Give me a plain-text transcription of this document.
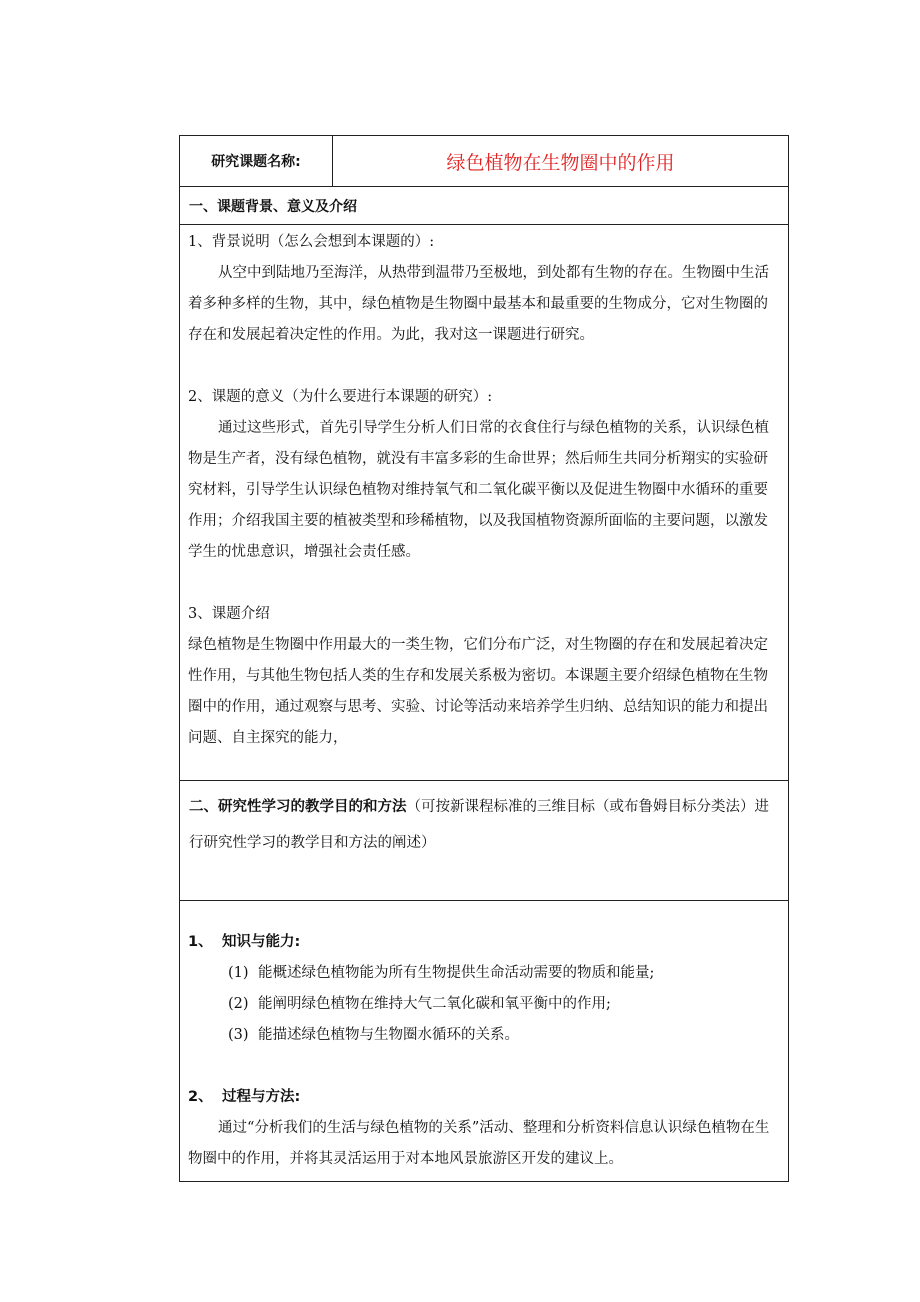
研究课题名称:	绿色植物在生物圈中的作用
一、课题背景、意义及介绍

1、背景说明（怎么会想到本课题的）:

从空中到陆地乃至海洋，从热带到温带乃至极地，到处都有生物的存在。生物圈中生活着多种多样的生物，其中，绿色植物是生物圈中最基本和最重要的生物成分，它对生物圈的存在和发展起着决定性的作用。为此，我对这一课题进行研究。

2、课题的意义（为什么要进行本课题的研究）:

通过这些形式，首先引导学生分析人们日常的衣食住行与绿色植物的关系，认识绿色植物是生产者，没有绿色植物，就没有丰富多彩的生命世界；然后师生共同分析翔实的实验研究材料，引导学生认识绿色植物对维持氧气和二氧化碳平衡以及促进生物圈中水循环的重要作用；介绍我国主要的植被类型和珍稀植物，以及我国植物资源所面临的主要问题，以激发学生的忧患意识，增强社会责任感。

3、课题介绍

绿色植物是生物圈中作用最大的一类生物，它们分布广泛，对生物圈的存在和发展起着决定性作用，与其他生物包括人类的生存和发展关系极为密切。本课题主要介绍绿色植物在生物圈中的作用，通过观察与思考、实验、讨论等活动来培养学生归纳、总结知识的能力和提出问题、自主探究的能力，

二、研究性学习的教学目的和方法（可按新课程标准的三维目标（或布鲁姆目标分类法）进行研究性学习的教学目和方法的阐述）
1、 知识与能力:
(1) 能概述绿色植物能为所有生物提供生命活动需要的物质和能量;
(2) 能阐明绿色植物在维持大气二氧化碳和氧平衡中的作用;
(3) 能描述绿色植物与生物圈水循环的关系。
2、 过程与方法:

通过“分析我们的生活与绿色植物的关系”活动、整理和分析资料信息认识绿色植物在生物圈中的作用，并将其灵活运用于对本地风景旅游区开发的建议上。
